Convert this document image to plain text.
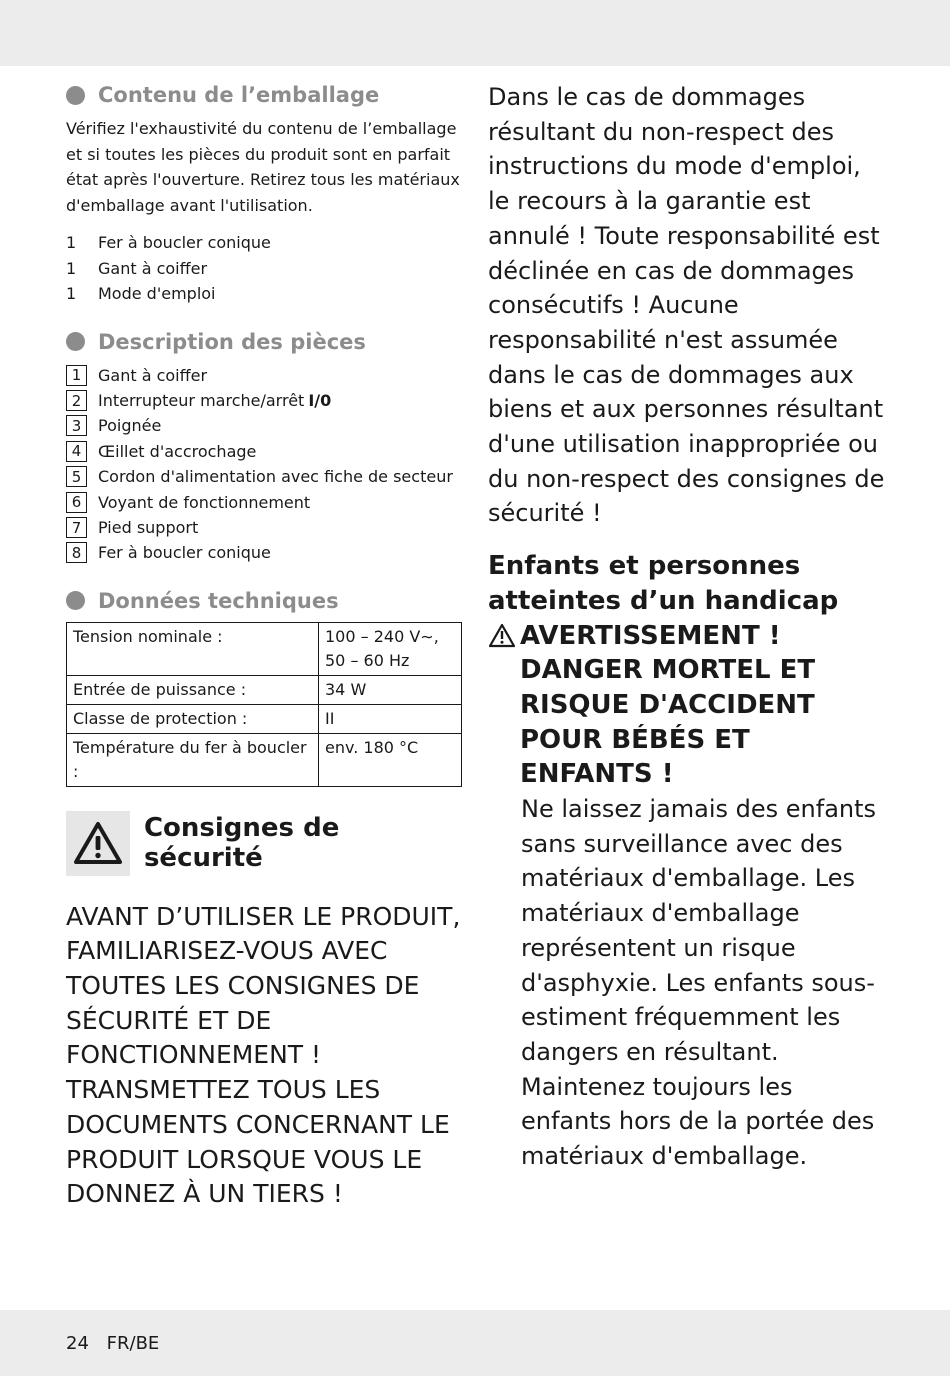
Contenu de l’emballage

Vérifiez l'exhaustivité du contenu de l’emballage et si toutes les pièces du produit sont en parfait état après l'ouverture. Retirez tous les matériaux d'emballage avant l'utilisation.

1	Fer à boucler conique
1	Gant à coiffer
1	Mode d'emploi
Description des pièces
1	Gant à coiffer
2	Interrupteur marche/arrêt I/0
3	Poignée
4	Œillet d'accrochage
5	Cordon d'alimentation avec fiche de secteur
6	Voyant de fonctionnement
7	Pied support
8	Fer à boucler conique
Données techniques
Tension nominale :	100 – 240 V∼, 50 – 60 Hz
Entrée de puissance :	34 W
Classe de protection :	II
Température du fer à boucler :	env. 180 °C
Consignes de sécurité

AVANT D’UTILISER LE PRODUIT, FAMILIARISEZ-VOUS AVEC TOUTES LES CONSIGNES DE SÉCURITÉ ET DE FONCTIONNEMENT ! TRANSMETTEZ TOUS LES DOCUMENTS CONCERNANT LE PRODUIT LORSQUE VOUS LE DONNEZ À UN TIERS !

Dans le cas de dommages résultant du non-respect des instructions du mode d'emploi, le recours à la garantie est annulé ! Toute responsabilité est déclinée en cas de dommages consécutifs ! Aucune responsabilité n'est assumée dans le cas de dommages aux biens et aux personnes résultant d'une utilisation inappropriée ou du non-respect des consignes de sécurité !

Enfants et personnes atteintes d’un handicap
AVERTISSEMENT ! DANGER MORTEL ET RISQUE D'ACCIDENT POUR BÉBÉS ET ENFANTS !

Ne laissez jamais des enfants sans surveillance avec des matériaux d'emballage. Les matériaux d'emballage représentent un risque d'asphyxie. Les enfants sous-estiment fréquemment les dangers en résultant. Maintenez toujours les enfants hors de la portée des matériaux d'emballage.

24 FR/BE
